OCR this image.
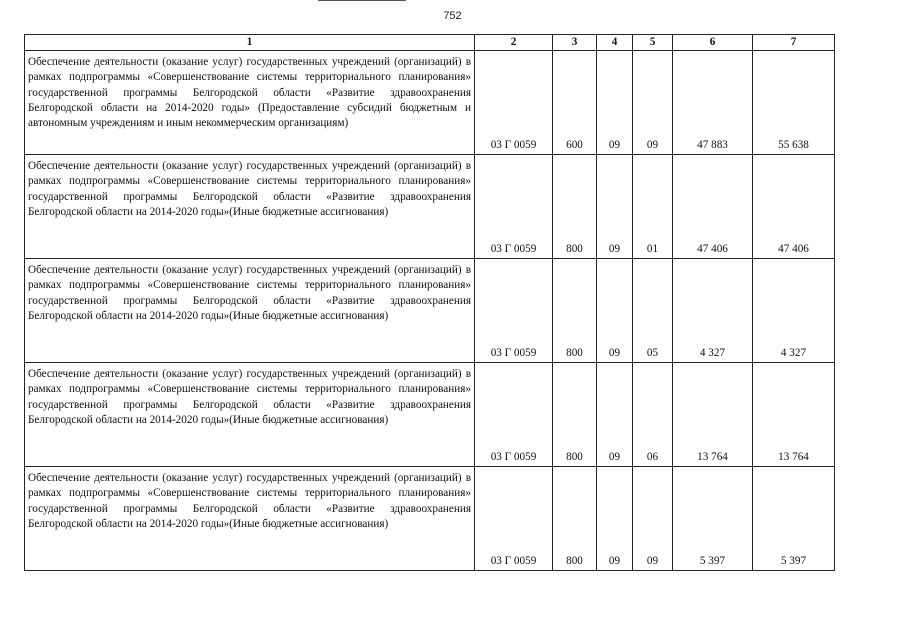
752
1	2	3	4	5	6	7
Обеспечение деятельности (оказание услуг) государственных учреждений (организаций) в рамках подпрограммы «Совершенствование системы территориального планирования» государственной программы Белгородской области «Развитие здравоохранения Белгородской области на 2014-2020 годы» (Предоставление субсидий бюджетным и автономным учреждениям и иным некоммерческим организациям)	03 Г 0059	600	09	09	47 883	55 638
Обеспечение деятельности (оказание услуг) государственных учреждений (организаций) в рамках подпрограммы «Совершенствование системы территориального планирования» государственной программы Белгородской области «Развитие здравоохранения Белгородской области на 2014-2020 годы»(Иные бюджетные ассигнования)	03 Г 0059	800	09	01	47 406	47 406
Обеспечение деятельности (оказание услуг) государственных учреждений (организаций) в рамках подпрограммы «Совершенствование системы территориального планирования» государственной программы Белгородской области «Развитие здравоохранения Белгородской области на 2014-2020 годы»(Иные бюджетные ассигнования)	03 Г 0059	800	09	05	4 327	4 327
Обеспечение деятельности (оказание услуг) государственных учреждений (организаций) в рамках подпрограммы «Совершенствование системы территориального планирования» государственной программы Белгородской области «Развитие здравоохранения Белгородской области на 2014-2020 годы»(Иные бюджетные ассигнования)	03 Г 0059	800	09	06	13 764	13 764
Обеспечение деятельности (оказание услуг) государственных учреждений (организаций) в рамках подпрограммы «Совершенствование системы территориального планирования» государственной программы Белгородской области «Развитие здравоохранения Белгородской области на 2014-2020 годы»(Иные бюджетные ассигнования)	03 Г 0059	800	09	09	5 397	5 397
